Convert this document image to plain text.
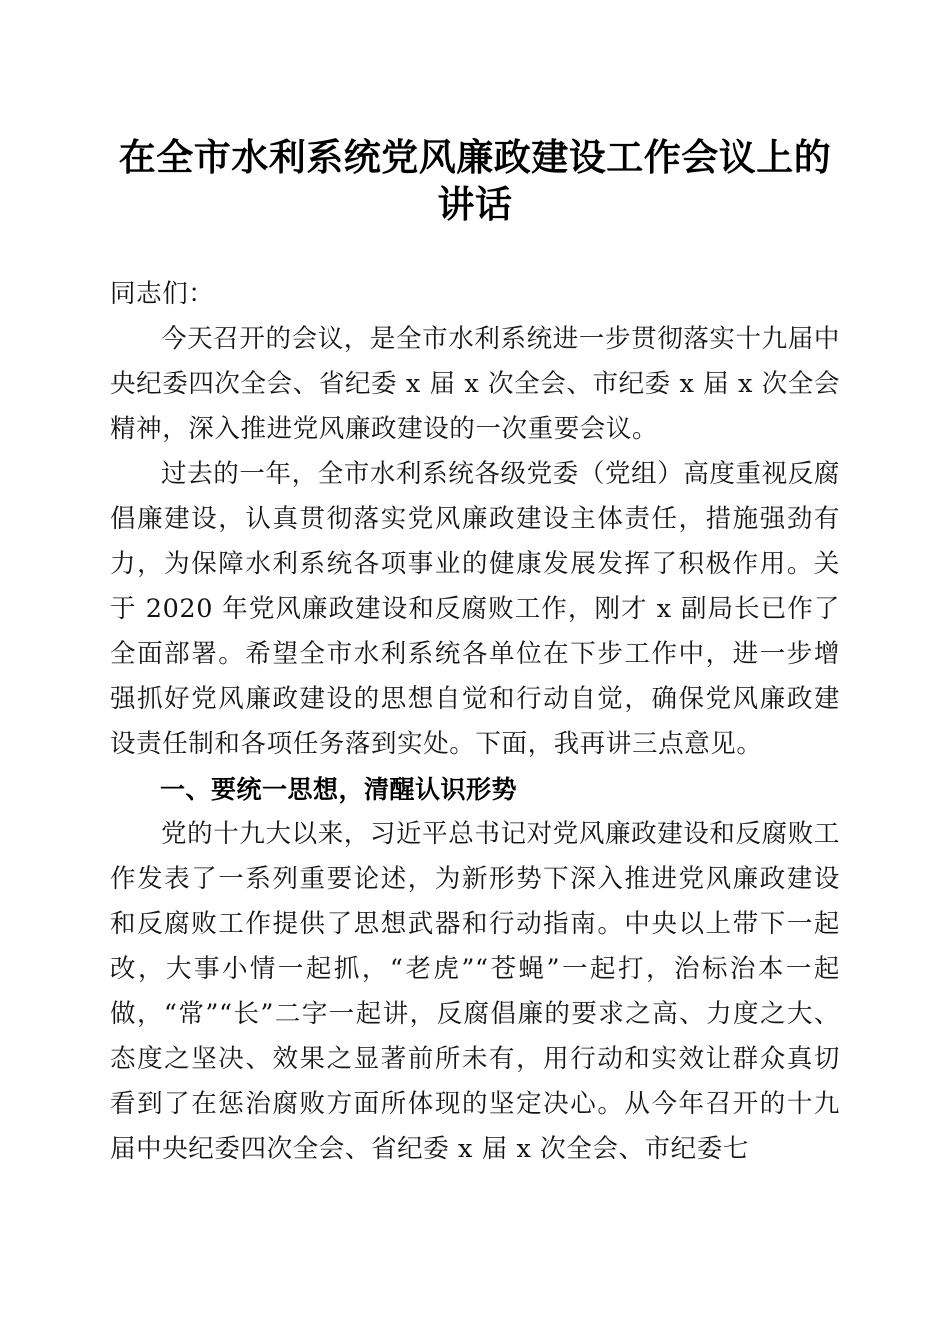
在全市水利系统党风廉政建设工作会议上的讲话

同志们：

今天召开的会议，是全市水利系统进一步贯彻落实十九届中央纪委四次全会、省纪委 x 届 x 次全会、市纪委 x 届 x 次全会精神，深入推进党风廉政建设的一次重要会议。

过去的一年，全市水利系统各级党委（党组）高度重视反腐倡廉建设，认真贯彻落实党风廉政建设主体责任，措施强劲有力，为保障水利系统各项事业的健康发展发挥了积极作用。关于 2020 年党风廉政建设和反腐败工作，刚才 x 副局长已作了全面部署。希望全市水利系统各单位在下步工作中，进一步增强抓好党风廉政建设的思想自觉和行动自觉，确保党风廉政建设责任制和各项任务落到实处。下面，我再讲三点意见。

一、要统一思想，清醒认识形势

党的十九大以来，习近平总书记对党风廉政建设和反腐败工作发表了一系列重要论述，为新形势下深入推进党风廉政建设和反腐败工作提供了思想武器和行动指南。中央以上带下一起改，大事小情一起抓，“老虎”“苍蝇”一起打，治标治本一起做，“常”“长”二字一起讲，反腐倡廉的要求之高、力度之大、态度之坚决、效果之显著前所未有，用行动和实效让群众真切看到了在惩治腐败方面所体现的坚定决心。从今年召开的十九届中央纪委四次全会、省纪委 x 届 x 次全会、市纪委七
